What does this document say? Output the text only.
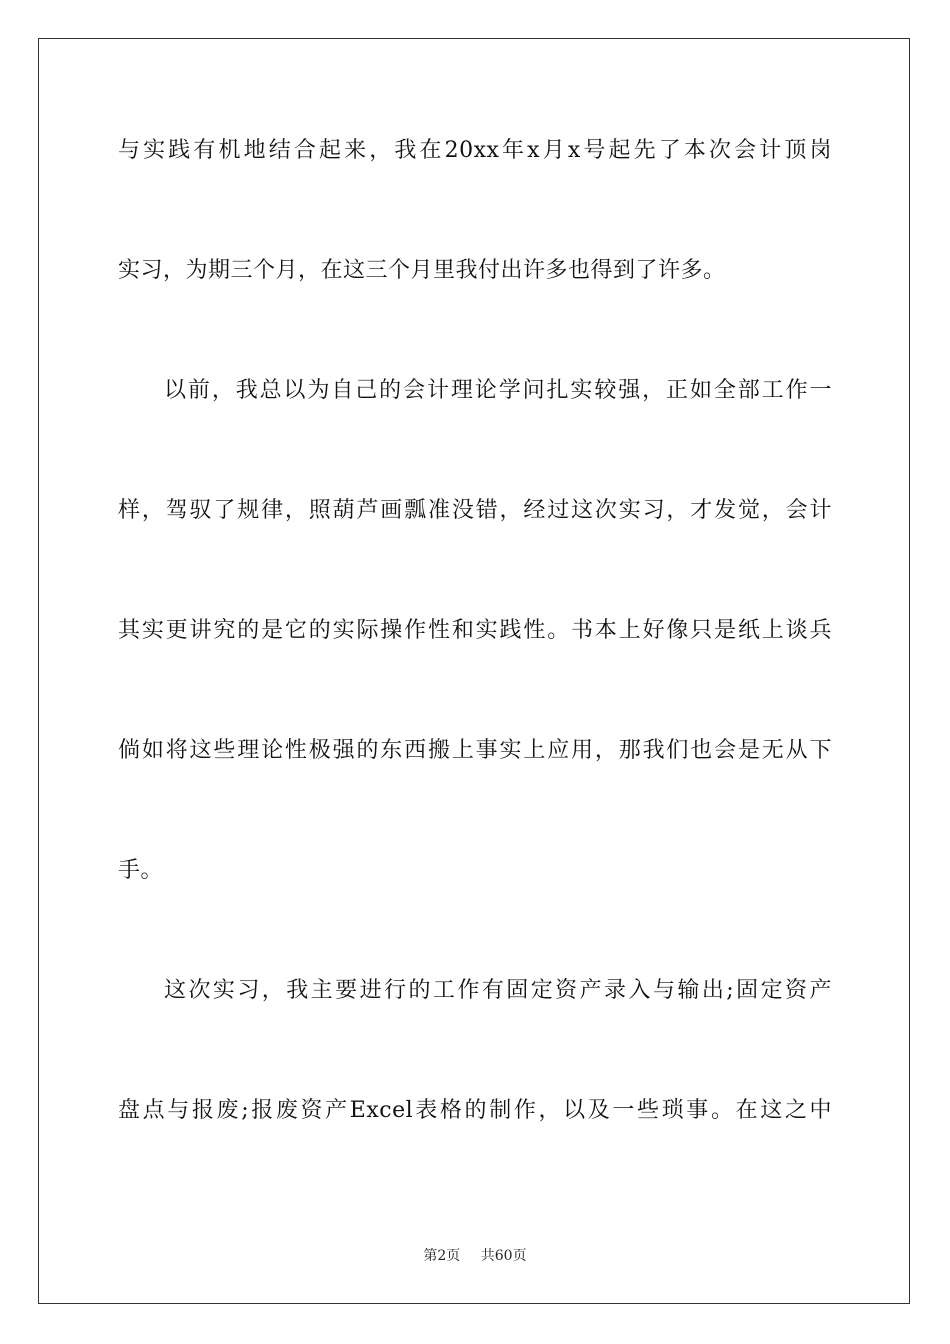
与实践有机地结合起来，我在20xx年x月x号起先了本次会计顶岗
实习，为期三个月，在这三个月里我付出许多也得到了许多。
以前，我总以为自己的会计理论学问扎实较强，正如全部工作一
样，驾驭了规律，照葫芦画瓢准没错，经过这次实习，才发觉，会计
其实更讲究的是它的实际操作性和实践性。书本上好像只是纸上谈兵
倘如将这些理论性极强的东西搬上事实上应用，那我们也会是无从下
手。
这次实习，我主要进行的工作有固定资产录入与输出;固定资产
盘点与报废;报废资产Excel表格的制作，以及一些琐事。在这之中
第2页 共60页
